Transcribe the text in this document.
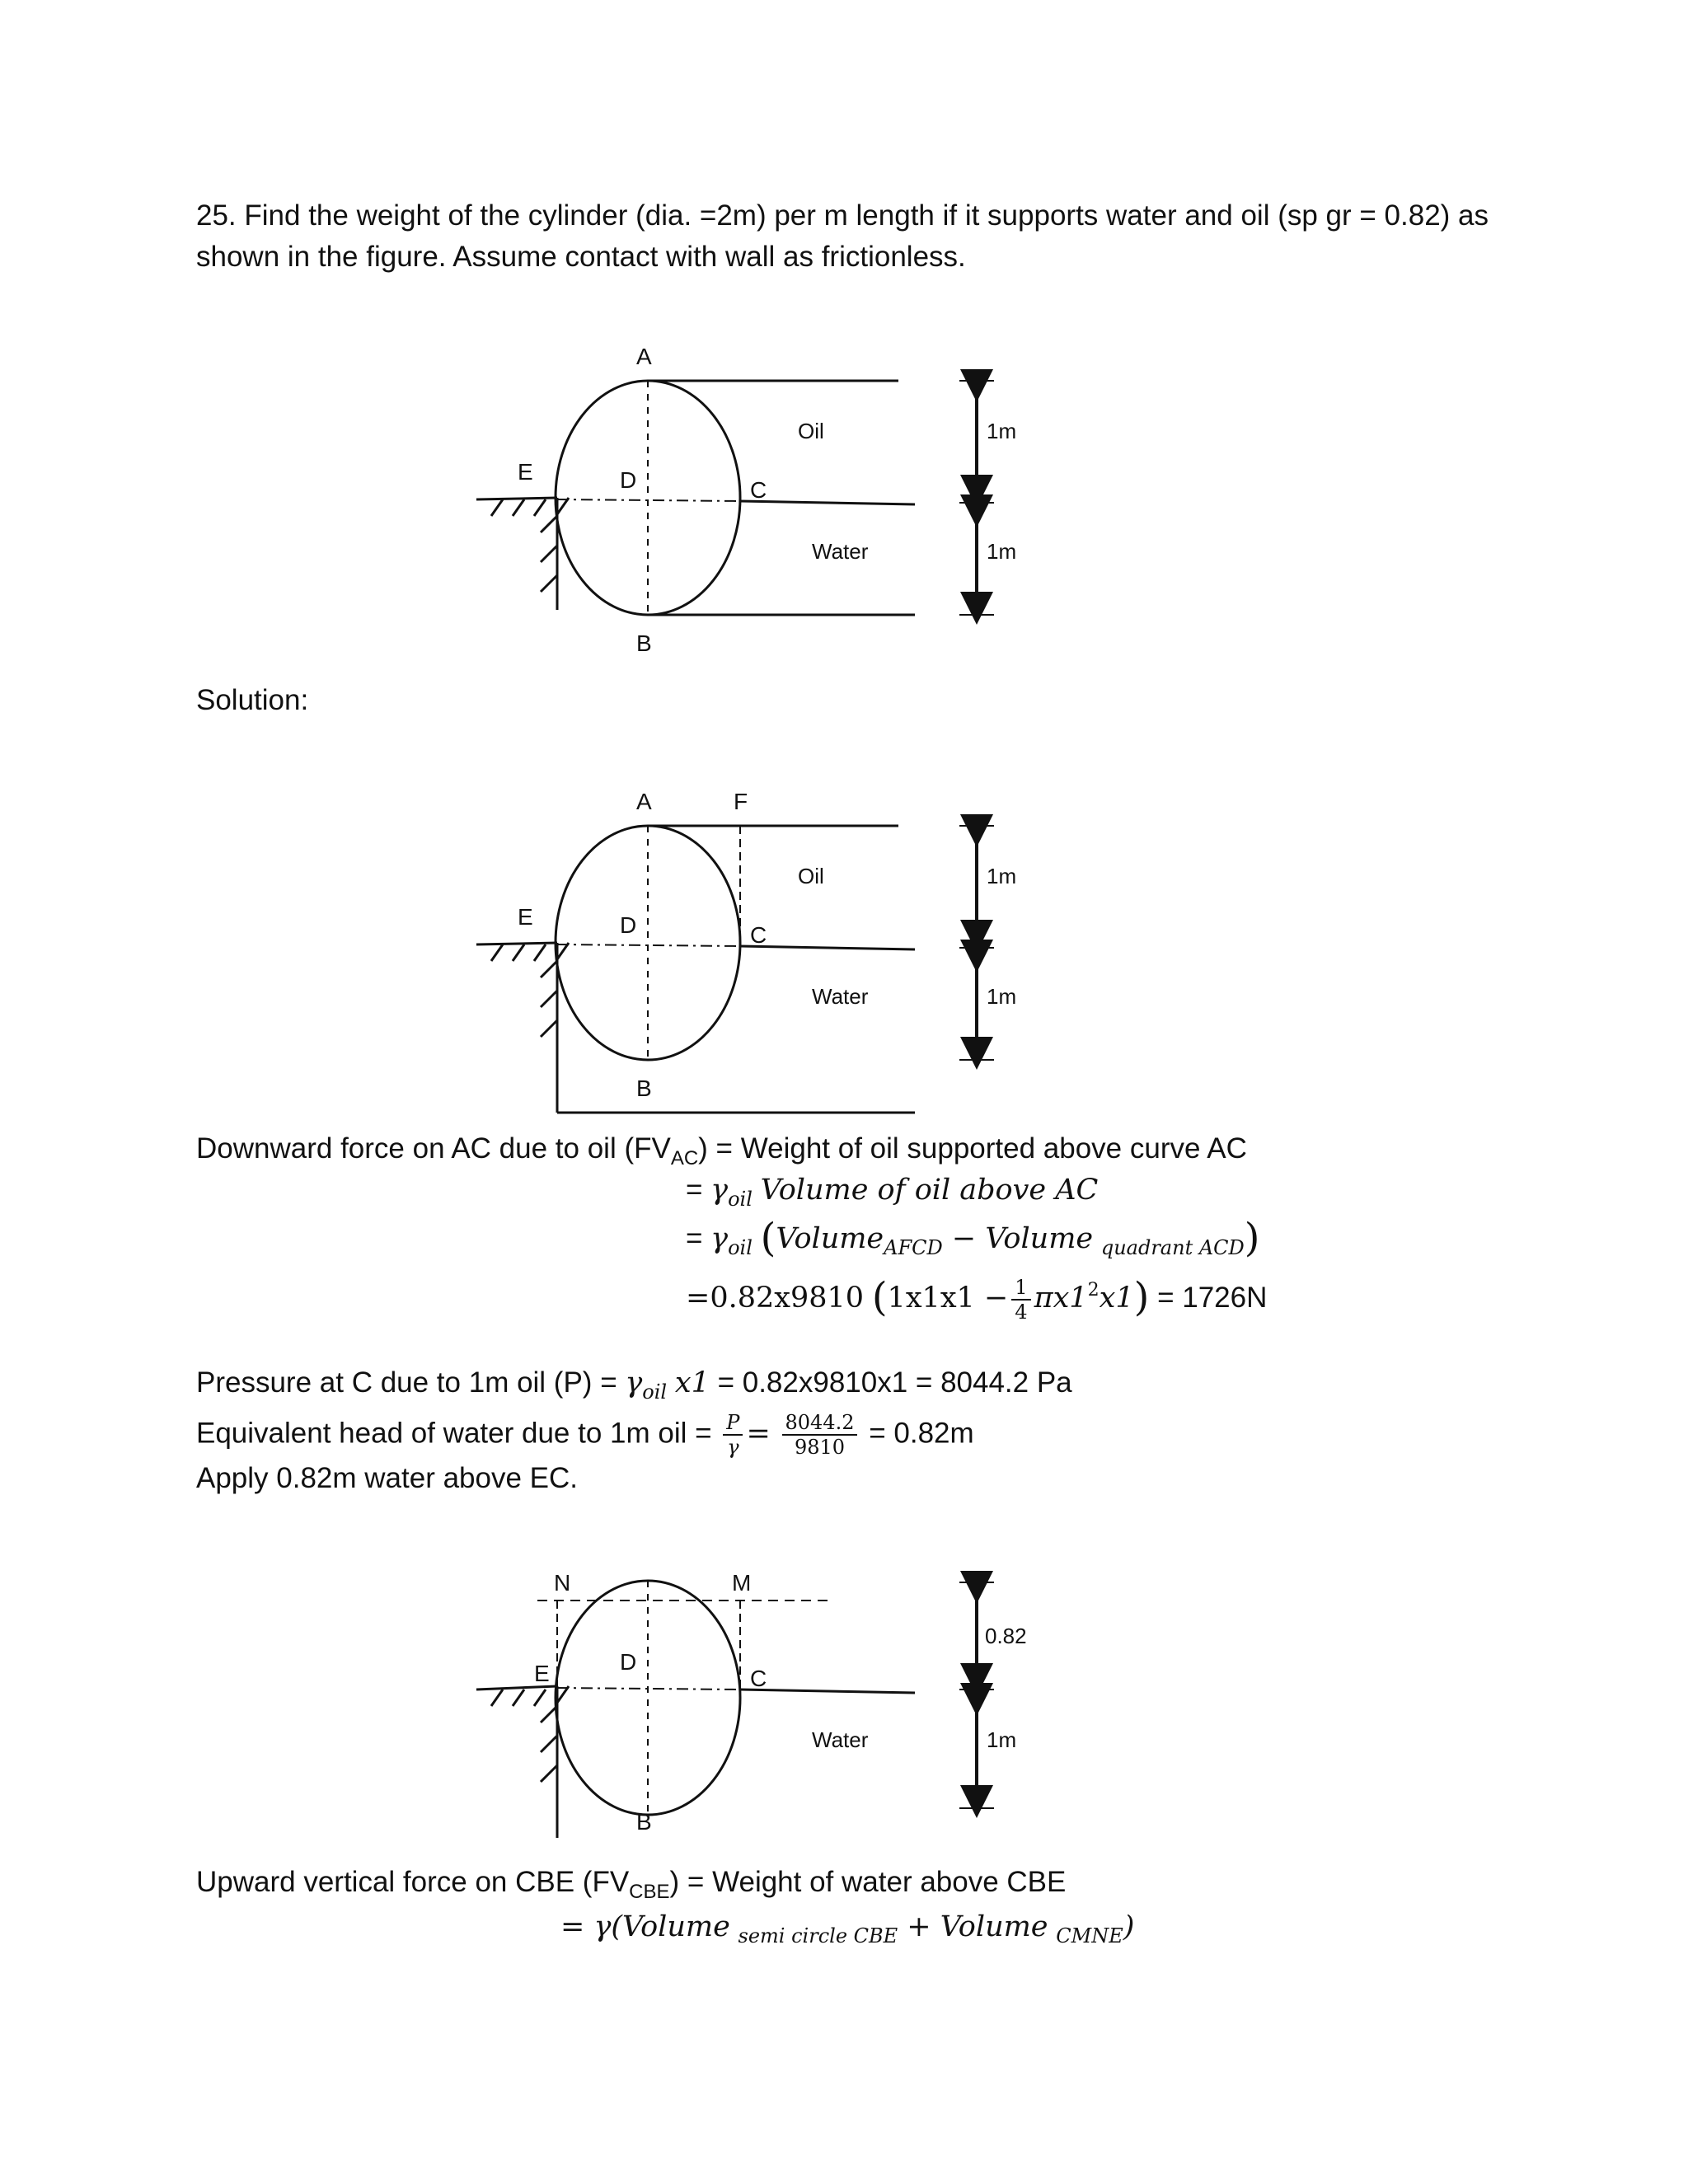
25. Find the weight of the cylinder (dia. =2m) per m length if it supports water and oil (sp gr = 0.82) as
shown in the figure. Assume contact with wall as frictionless.
A
B
C
D
E
Oil
Water
1m
1m
Solution:
A	F
B
C
D
E
Oil
Water
1m
1m
Downward force on AC due to oil $(FV_{AC})$ = Weight of oil supported above curve AC
= $\gamma_{oil}$ Volume of oil above AC
= $\gamma_{oil}$ (Volume$_{AFCD}$ − Volume $_{quadrant ACD}$)
=0.82x9810 $(1x1x1 - \frac{1}{4} \pi x1^2x1) = 1726N$
Pressure at C due to 1m oil $(P) = \gamma_{oil}$ x1 = 0.82x9810x1 = 8044.2 Pa
Equivalent head of water due to 1m oil = $\frac{P}{\gamma} = \frac{8044.2}{9810} = 0.82m$
Apply 0.82m water above EC.
N	M
D
E	C
B
Water
0.82
1m
Upward vertical force on CBE $(FV_{CBE})$ = Weight of water above CBE
= γ(Volume $_{semi circle CBE}$ + Volume $_{CMNE}$)
